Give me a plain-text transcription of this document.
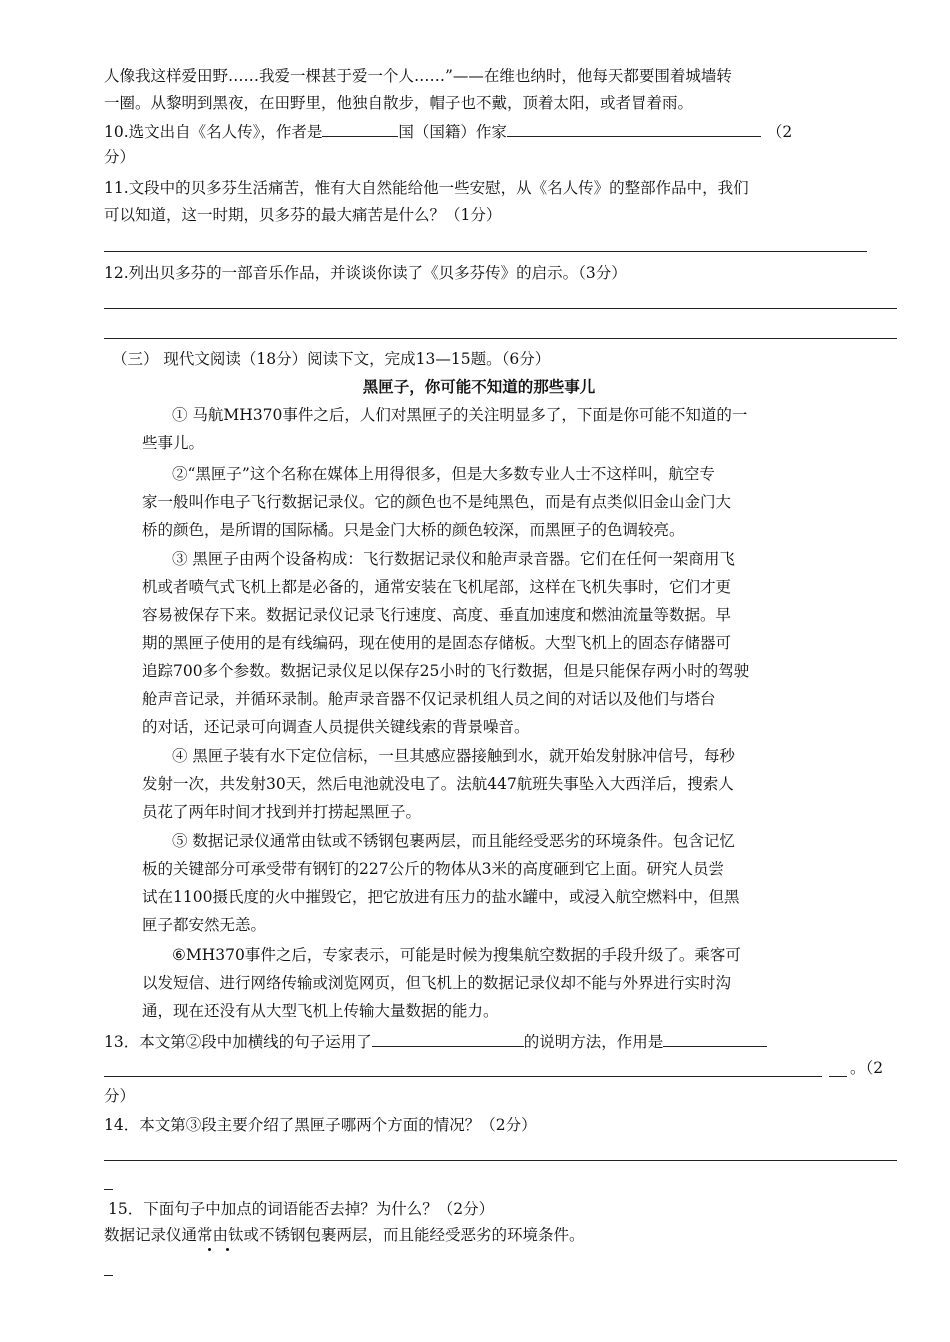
人像我这样爱田野……我爱一棵甚于爱一个人……”——在维也纳时，他每天都要围着城墙转
一圈。从黎明到黑夜，在田野里，他独自散步，帽子也不戴，顶着太阳，或者冒着雨。
10.选文出自《名人传》，作者是	国（国籍）作家	（2
分）
11.文段中的贝多芬生活痛苦，惟有大自然能给他一些安慰，从《名人传》的整部作品中，我们
可以知道，这一时期，贝多芬的最大痛苦是什么？（1分）
12.列出贝多芬的一部音乐作品，并谈谈你读了《贝多芬传》的启示。（3分）
（三） 现代文阅读（18分）阅读下文，完成13—15题。（6分）
黑匣子，你可能不知道的那些事儿
① 马航MH370事件之后，人们对黑匣子的关注明显多了，下面是你可能不知道的一
些事儿。
②“黑匣子”这个名称在媒体上用得很多，但是大多数专业人士不这样叫，航空专
家一般叫作电子飞行数据记录仪。它的颜色也不是纯黑色，而是有点类似旧金山金门大
桥的颜色，是所谓的国际橘。只是金门大桥的颜色较深，而黑匣子的色调较亮。
③ 黑匣子由两个设备构成：飞行数据记录仪和舱声录音器。它们在任何一架商用飞
机或者喷气式飞机上都是必备的，通常安装在飞机尾部，这样在飞机失事时，它们才更
容易被保存下来。数据记录仪记录飞行速度、高度、垂直加速度和燃油流量等数据。早
期的黑匣子使用的是有线编码，现在使用的是固态存储板。大型飞机上的固态存储器可
追踪700多个参数。数据记录仪足以保存25小时的飞行数据，但是只能保存两小时的驾驶
舱声音记录，并循环录制。舱声录音器不仅记录机组人员之间的对话以及他们与塔台
的对话，还记录可向调查人员提供关键线索的背景噪音。
④ 黑匣子装有水下定位信标，一旦其感应器接触到水，就开始发射脉冲信号，每秒
发射一次，共发射30天，然后电池就没电了。法航447航班失事坠入大西洋后，搜索人
员花了两年时间才找到并打捞起黑匣子。
⑤ 数据记录仪通常由钛或不锈钢包裹两层，而且能经受恶劣的环境条件。包含记忆
板的关键部分可承受带有钢钉的227公斤的物体从3米的高度砸到它上面。研究人员尝
试在1100摄氏度的火中摧毁它，把它放进有压力的盐水罐中，或浸入航空燃料中，但黑
匣子都安然无恙。
⑥MH370事件之后，专家表示，可能是时候为搜集航空数据的手段升级了。乘客可
以发短信、进行网络传输或浏览网页，但飞机上的数据记录仪却不能与外界进行实时沟
通，现在还没有从大型飞机上传输大量数据的能力。
13．本文第②段中加横线的句子运用了	的说明方法，作用是
。（2
分）
14．本文第③段主要介绍了黑匣子哪两个方面的情况？（2分）
15．下面句子中加点的词语能否去掉？为什么？（2分）
数据记录仪通常由钛或不锈钢包裹两层，而且能经受恶劣的环境条件。
